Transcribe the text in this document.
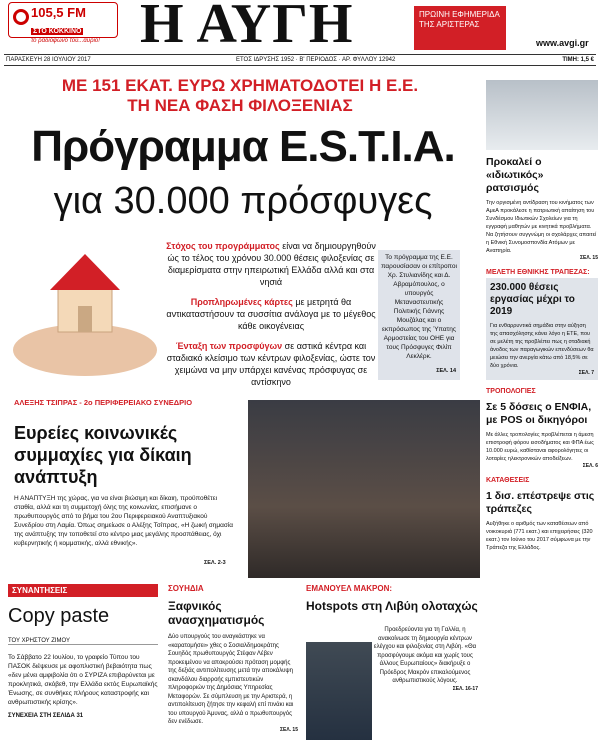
105,5 FM
ΣΤΟ ΚΟΚΚΙΝΟ
το ραδιόφωνο του...αύριο! Η ΑΥΓΗ	ΠΡΩΙΝΗ ΕΦΗΜΕΡΙΔΑ ΤΗΣ ΑΡΙΣΤΕΡΑΣ
www.avgi.gr
ΠΑΡΑΣΚΕΥΗ 28 ΙΟΥΛΙΟΥ 2017	ΕΤΟΣ ΙΔΡΥΣΗΣ 1952 · Β' ΠΕΡΙΟΔΟΣ · ΑΡ. ΦΥΛΛΟΥ 12942	ΤΙΜΗ: 1,5 €
ΜΕ 151 ΕΚΑΤ. ΕΥΡΩ ΧΡΗΜΑΤΟΔΟΤΕΙ Η Ε.Ε.
ΤΗ ΝΕΑ ΦΑΣΗ ΦΙΛΟΞΕΝΙΑΣ
Πρόγραμμα E.S.T.I.A.
για 30.000 πρόσφυγες

Στόχος του προγράμματος είναι να δημιουργηθούν ώς το τέλος του χρόνου 30.000 θέσεις φιλοξενίας σε διαμερίσματα στην ηπειρωτική Ελλάδα αλλά και στα νησιά

Προπληρωμένες κάρτες με μετρητά θα αντικαταστήσουν τα συσσίτια ανάλογα με το μέγεθος κάθε οικογένειας

Ένταξη των προσφύγων σε αστικά κέντρα και σταδιακό κλείσιμο των κέντρων φιλοξενίας, ώστε τον χειμώνα να μην υπάρχει κανένας πρόσφυγας σε αντίσκηνο

Το πρόγραμμα της Ε.Ε. παρουσίασαν οι επίτροποι Χρ. Στυλιανίδης και Δ. Αβραμόπουλος, ο υπουργός Μεταναστευτικής Πολιτικής Γιάννης Μουζάλας και ο εκπρόσωπος της Ύπατης Αρμοστείας του ΟΗΕ για τους Πρόσφυγες Φιλίπ Λεκλέρκ.
ΣΕΛ. 14
ΑΛΕΞΗΣ ΤΣΙΠΡΑΣ - 2ο ΠΕΡΙΦΕΡΕΙΑΚΟ ΣΥΝΕΔΡΙΟ
Ευρείες κοινωνικές συμμαχίες για δίκαιη ανάπτυξη
Η ΑΝΑΠΤΥΞΗ της χώρας, για να είναι βιώσιμη και δίκαιη, προϋποθέτει σταθία, αλλά και τη συμμετοχή όλης της κοινωνίας, επισήμανε ο πρωθυπουργός από το βήμα του 2ου Περιφερειακού Αναπτυξιακού Συνεδρίου στη Λαμία. Όπως σημείωσε ο Αλέξης Τσίπρας, «Η ζωική σημασία της ανάπτυξης την τοποθετεί στο κέντρο μιας μεγάλης προσπάθειας, όχι κυβερνητικής ή κομματικής, αλλά εθνικής».
ΣΕΛ. 2-3
ΣΥΝΑΝΤΗΣΕΙΣ
Copy paste
ΤΟΥ ΧΡΗΣΤΟΥ ΖΙΜΟΥ
Το Σάββατο 22 Ιουλίου, το γραφείο Τύπου του ΠΑΣΟΚ διέψευσε με αφοπλιστική βεβαιότητα πως «δεν μένει αμφιβολία ότι ο ΣΥΡΙΖΑ επιβαρύνεται με προκλητικά, σκόβεθ, την Ελλάδα εκτός Ευρωπαϊκής Ένωσης, σε συνθήκες πλήρους καταστροφής και ανθρωπιστικής κρίσης».
ΣΥΝΕΧΕΙΑ ΣΤΗ ΣΕΛΙΔΑ 31
ΣΟΥΗΔΙΑ
Ξαφνικός ανασχηματισμός
Δύο υπουργούς του αναγκάστηκε να «καρατομήσει» χθες ο Σοσιαλδημοκράτης Σουηδός πρωθυπουργός Στέφαν Λέβεν προκειμένου να αποκρούσει πρόταση μομφής της δεξιάς αντιπολίτευσης μετά την αποκάλυψη σκανδάλου διαρροής εμπιστευτικών πληροφοριών της Δημόσιας Υπηρεσίας Μεταφορών. Σε σύμπλευση με την Αριστερά, η αντιπολίτευση ζήτησε την κεφαλή επί πινάκι και του υπουργού Άμυνας, αλλά ο πρωθυπουργός δεν ενέδωσε.
ΣΕΛ. 15
ΕΜΑΝΟΥΕΛ ΜΑΚΡΟΝ:
Hotspots στη Λιβύη ολοταχώς
Προεδρεύοντα για τη Γαλλία, η ανακοίνωσε τη δημιουργία κέντρων ελέγχου και φιλοξενίας στη Λιβύη. «Θα προσφύγουμε ακόμα και χωρίς τους άλλους Ευρωπαίους» διακήρυξε ο Πρόεδρος Μακρόν επικαλούμενος ανθρωπιστικούς λόγους.
ΣΕΛ. 16-17
Προκαλεί ο «ιδιωτικός» ρατσισμός
Την οργισμένη αντίδραση του κινήματος των ΑμεΑ προκάλεσε η πατριωτική απαίτηση του Συνδέσμου Ιδιωτικών Σχολείων για τη εγγραφή μαθητών με κινητικά προβλήματα. Να ζητήσουν συγγνώμη οι σχολάρχες απαιτεί η Εθνική Συνομοσπονδία Ατόμων με Αναπηρία.
ΣΕΛ. 15
ΜΕΛΕΤΗ ΕΘΝΙΚΗΣ ΤΡΑΠΕΖΑΣ:
230.000 θέσεις εργασίας μέχρι το 2019
Για ενθαρρυντικά σημάδια στην αύξηση της απασχόλησης κάνει λόγο η ΕΤΕ, που σε μελέτη της προβλέπει πως η σταδιακή άνοδος των παραγωγικών επενδύσεων θα μειώσει την ανεργία κάτω από 18,5% σε δύο χρόνια.
ΣΕΛ. 7
ΤΡΟΠΟΛΟΓΙΕΣ
Σε 5 δόσεις ο ΕΝΦΙΑ, με POS οι δικηγόροι
Με άλλες τροπολογίες προβλέπεται η άμεση επιστροφή φόρου εισοδήματος και ΦΠΑ έως 10.000 ευρώ, καθίσταναι αφορολόγητες οι λοταρίες ηλεκτρονικών αποδείξεων.
ΣΕΛ. 6
ΚΑΤΑΘΕΣΕΙΣ
1 δισ. επέστρεψε στις τράπεζες
Αυξήθηκε ο αριθμός των καταθέσεων από νοικοκυριά (771 εκατ.) και επιχειρήσεις (320 εκατ.) τον Ιούνιο του 2017 σύμφωνα με την Τράπεζα της Ελλάδος.
